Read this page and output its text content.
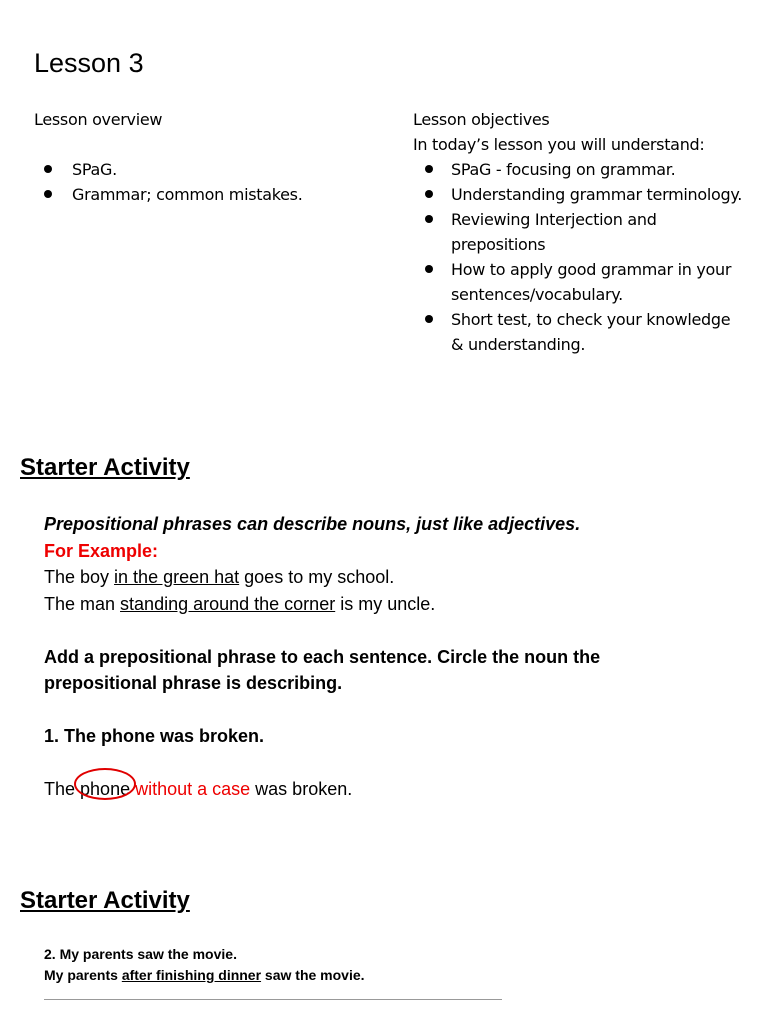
Lesson 3
Lesson overview
SPaG.
Grammar; common mistakes.
Lesson objectives
In today’s lesson you will understand:
SPaG - focusing on grammar.
Understanding grammar terminology.
Reviewing Interjection and prepositions
How to apply good grammar in your sentences/vocabulary.
Short test, to check your knowledge & understanding.
Starter Activity
Prepositional phrases can describe nouns, just like adjectives.
For Example:
The boy in the green hat goes to my school.
The man standing around the corner is my uncle.
Add a prepositional phrase to each sentence. Circle the noun the prepositional phrase is describing.
1. The phone was broken.
The
phone without a case was broken.
Starter Activity
2. My parents saw the movie.
My parents after finishing dinner saw the movie.
